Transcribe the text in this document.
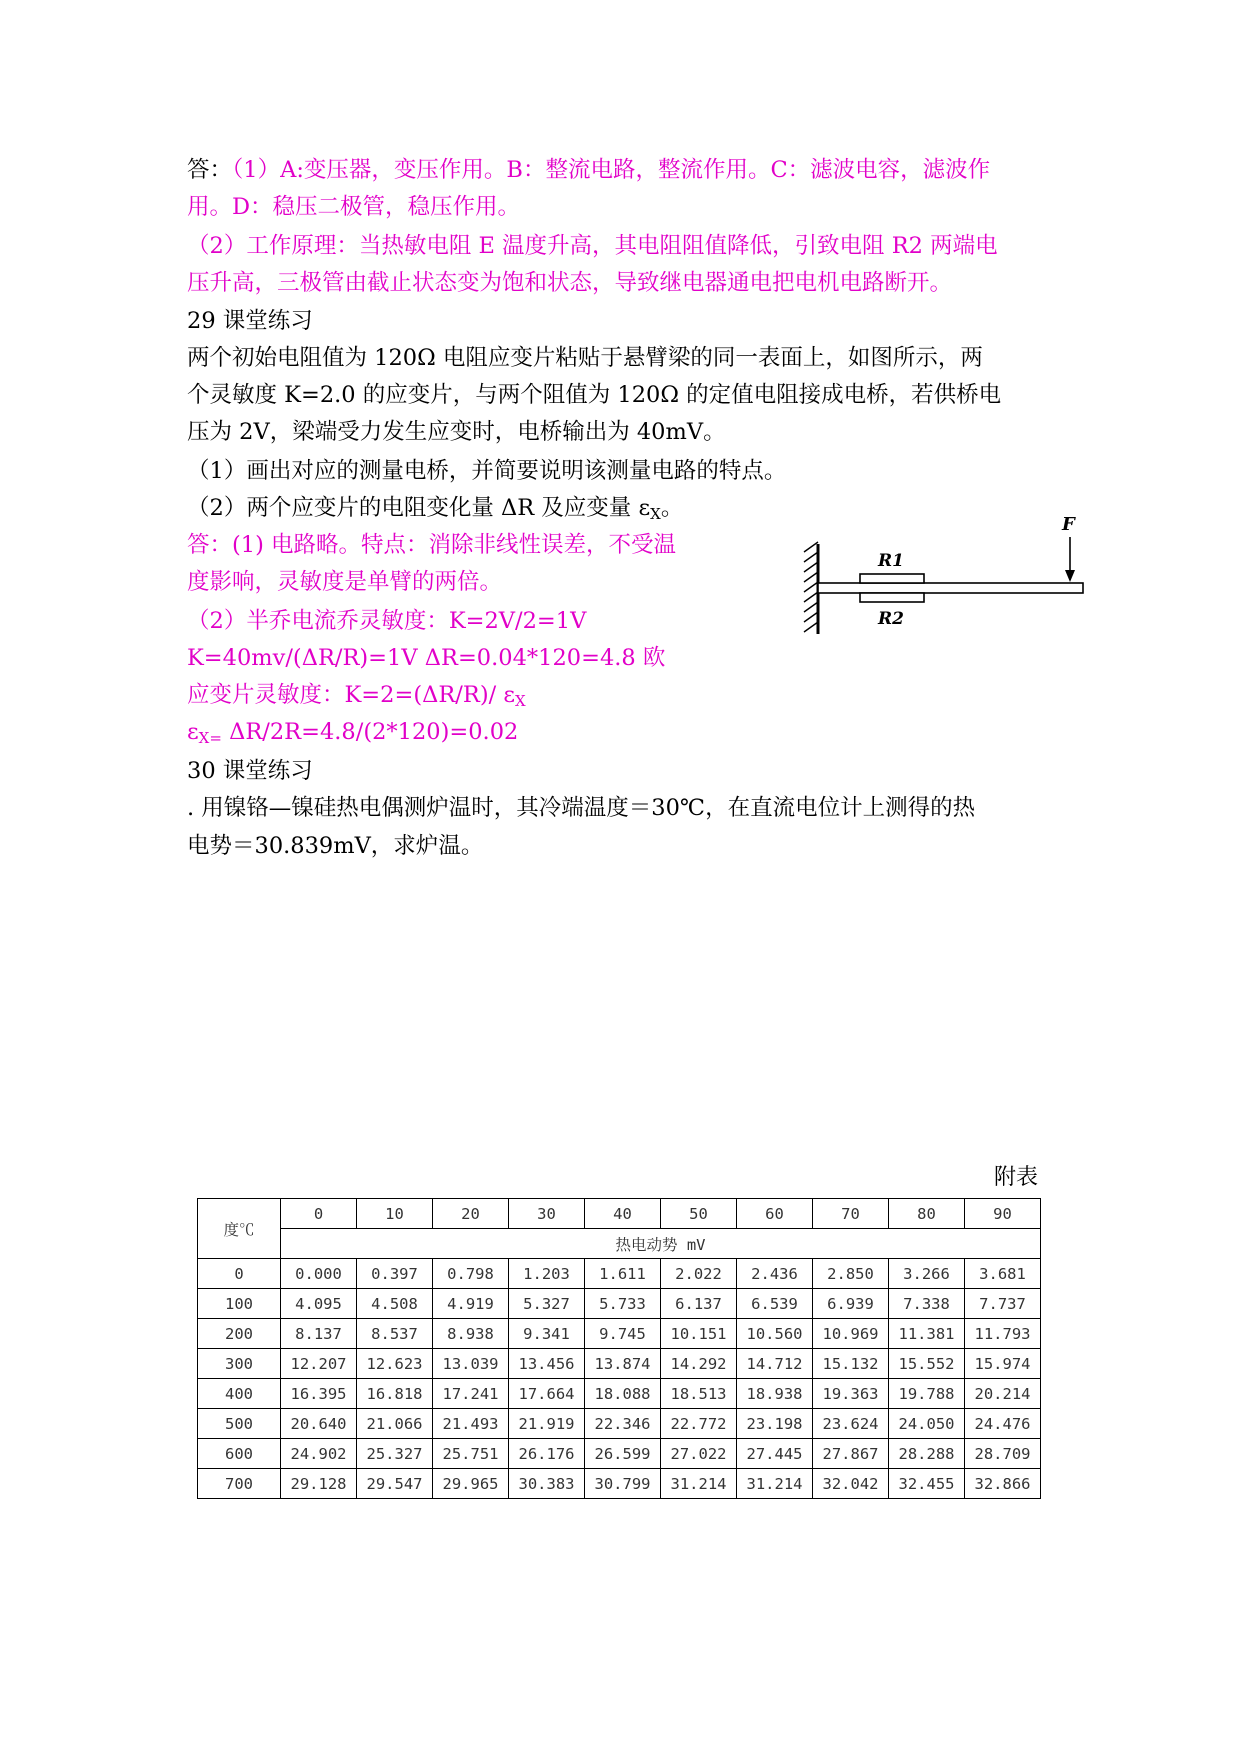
答：（1）A:变压器，变压作用。B：整流电路，整流作用。C：滤波电容，滤波作
用。D：稳压二极管，稳压作用。
（2）工作原理：当热敏电阻 E 温度升高，其电阻阻值降低，引致电阻 R2 两端电
压升高，三极管由截止状态变为饱和状态，导致继电器通电把电机电路断开。
29 课堂练习
两个初始电阻值为 120Ω 电阻应变片粘贴于悬臂梁的同一表面上，如图所示，两
个灵敏度 K=2.0 的应变片，与两个阻值为 120Ω 的定值电阻接成电桥，若供桥电
压为 2V，梁端受力发生应变时，电桥输出为 40mV。
（1）画出对应的测量电桥，并简要说明该测量电路的特点。
（2）两个应变片的电阻变化量 ΔR 及应变量 $\varepsilon_X$。
答：(1) 电路略。特点：消除非线性误差，不受温
度影响，灵敏度是单臂的两倍。
（2）半乔电流乔灵敏度：K=2V/2=1V
K=40mv/(ΔR/R)=1V ΔR=0.04*120=4.8 欧
应变片灵敏度：K=2=(ΔR/R)/ $\varepsilon_X$
$\varepsilon_{X=}$ ΔR/2R=4.8/(2*120)=0.02
30 课堂练习
. 用镍铬—镍硅热电偶测炉温时，其冷端温度＝30℃，在直流电位计上测得的热
电势＝30.839mV，求炉温。
R1
R2
F
附表
度℃	0	10	20	30	40	50	60	70	80	90
	热电动势 mV									
0	0.000	0.397	0.798	1.203	1.611	2.022	2.436	2.850	3.266	3.681
100	4.095	4.508	4.919	5.327	5.733	6.137	6.539	6.939	7.338	7.737
200	8.137	8.537	8.938	9.341	9.745	10.151	10.560	10.969	11.381	11.793
300	12.207	12.623	13.039	13.456	13.874	14.292	14.712	15.132	15.552	15.974
400	16.395	16.818	17.241	17.664	18.088	18.513	18.938	19.363	19.788	20.214
500	20.640	21.066	21.493	21.919	22.346	22.772	23.198	23.624	24.050	24.476
600	24.902	25.327	25.751	26.176	26.599	27.022	27.445	27.867	28.288	28.709
700	29.128	29.547	29.965	30.383	30.799	31.214	31.214	32.042	32.455	32.866
